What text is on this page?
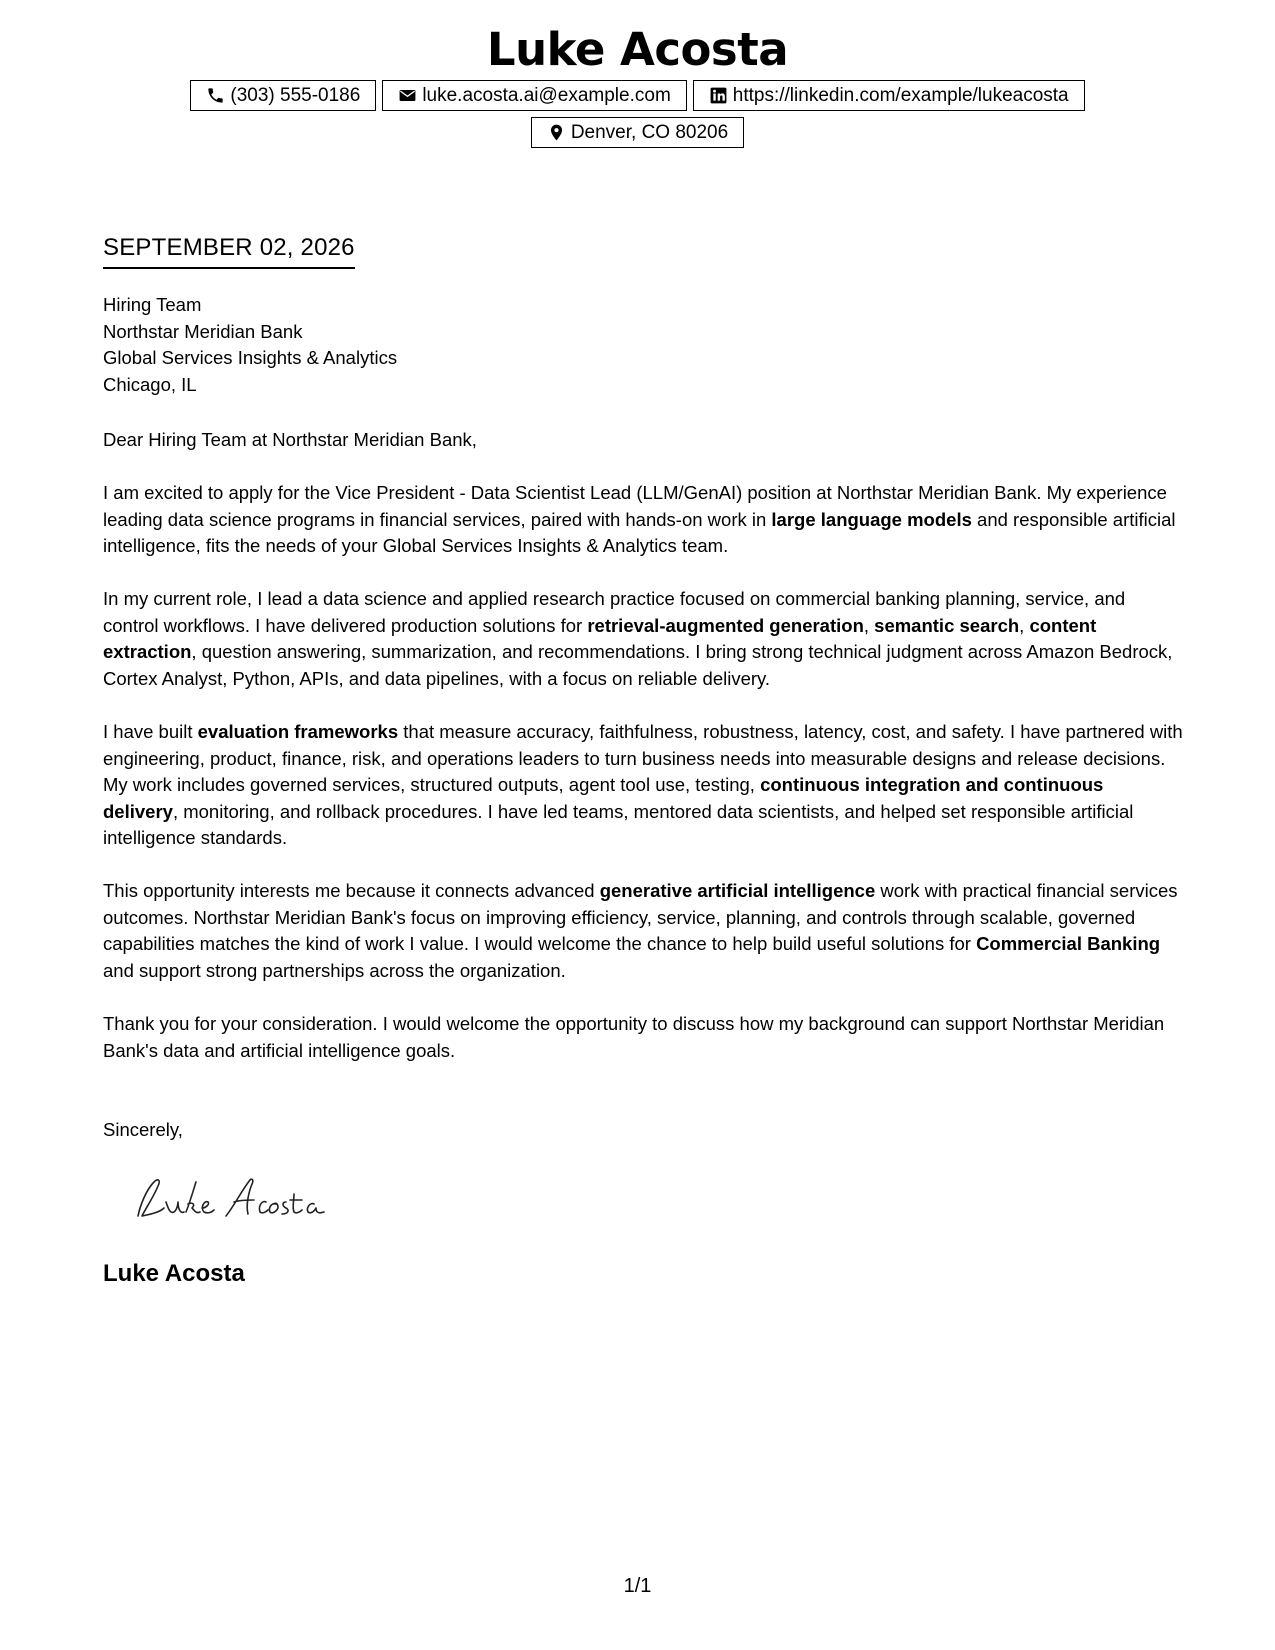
Luke Acosta
(303) 555-0186	luke.acosta.ai@example.com	https://linkedin.com/example/lukeacosta
Denver, CO 80206
SEPTEMBER 02, 2026
Hiring Team
Northstar Meridian Bank
Global Services Insights & Analytics
Chicago, IL
Dear Hiring Team at Northstar Meridian Bank,

I am excited to apply for the Vice President - Data Scientist Lead (LLM/GenAI) position at Northstar Meridian Bank. My experience leading data science programs in financial services, paired with hands-on work in large language models and responsible artificial intelligence, fits the needs of your Global Services Insights & Analytics team.

In my current role, I lead a data science and applied research practice focused on commercial banking planning, service, and control workflows. I have delivered production solutions for retrieval-augmented generation, semantic search, content extraction, question answering, summarization, and recommendations. I bring strong technical judgment across Amazon Bedrock, Cortex Analyst, Python, APIs, and data pipelines, with a focus on reliable delivery.

I have built evaluation frameworks that measure accuracy, faithfulness, robustness, latency, cost, and safety. I have partnered with engineering, product, finance, risk, and operations leaders to turn business needs into measurable designs and release decisions. My work includes governed services, structured outputs, agent tool use, testing, continuous integration and continuous delivery, monitoring, and rollback procedures. I have led teams, mentored data scientists, and helped set responsible artificial intelligence standards.

This opportunity interests me because it connects advanced generative artificial intelligence work with practical financial services outcomes. Northstar Meridian Bank's focus on improving efficiency, service, planning, and controls through scalable, governed capabilities matches the kind of work I value. I would welcome the chance to help build useful solutions for Commercial Banking and support strong partnerships across the organization.

Thank you for your consideration. I would welcome the opportunity to discuss how my background can support Northstar Meridian Bank's data and artificial intelligence goals.

Sincerely,
Luke Acosta
1/1
